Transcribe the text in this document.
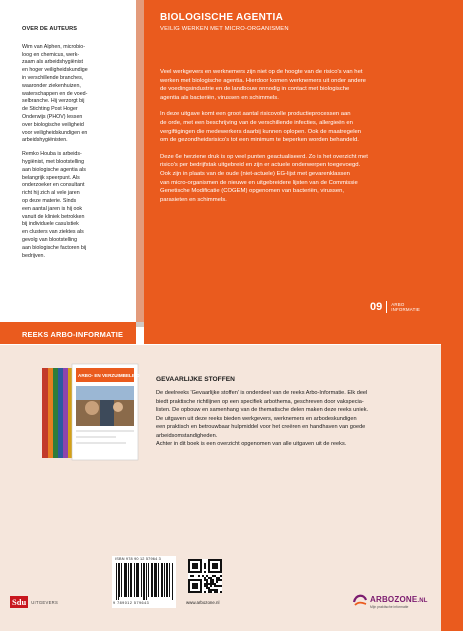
OVER DE AUTEURS

Wim van Alphen, microbio-
loog en chemicus, werk-
zaam als arbeidshygiënist
en hoger veiligheidskundige
in verschillende branches,
waaronder ziekenhuizen,
waterschappen en de voed-
selbranche. Hij verzorgt bij
de Stichting Post Hoger
Onderwijs (PHOV) lessen
over biologische veiligheid
voor veiligheidskundigen en
arbeidshygiënisten.

Remko Houba is arbeids-
hygiënist, met blootstelling
aan biologische agentia als
belangrijk speerpunt. Als
onderzoeker en consultant
richt hij zich al vele jaren
op deze materie. Sinds
een aantal jaren is hij ook
vanuit de kliniek betrokken
bij individuele casuïstiek
en clusters van ziektes als
gevolg van blootstelling
aan biologische factoren bij
bedrijven.

BIOLOGISCHE AGENTIA
VEILIG WERKEN MET MICRO-ORGANISMEN

Veel werkgevers en werknemers zijn niet op de hoogte van de risico's van het
werken met biologische agentia. Hierdoor komen werknemers uit onder andere
de voedingsindustrie en de landbouw onnodig in contact met biologische
agentia als bacteriën, virussen en schimmels.

In deze uitgave komt een groot aantal risicovolle productieprocessen aan
de orde, met een beschrijving van de verschillende infecties, allergieën en
vergiftigingen die medewerkers daarbij kunnen oplopen. Ook de maatregelen
om de gezondheidsrisico's tot een minimum te beperken worden behandeld.

Deze 6e herziene druk is op veel punten geactualiseerd. Zo is het overzicht met
risico's per bedrijfstak uitgebreid en zijn er actuele onderwerpen toegevoegd.
Ook zijn in plaats van de oude (niet-actuele) EG-lijst met gevarenklassen
van micro-organismen de nieuwe en uitgebreidere lijsten van de Commissie
Genetische Modificatie (COGEM) opgenomen van bacteriën, virussen,
parasieten en schimmels.

09	ARBO
INFORMATIE
REEKS ARBO-INFORMATIE
ARBO- EN VERZUIMBELEID
GEVAARLIJKE STOFFEN

De deelreeks 'Gevaarlijke stoffen' is onderdeel van de reeks Arbo-Informatie. Elk deel

biedt praktische richtlijnen op een specifiek arbothema, geschreven door vakspecia-

listen. De opbouw en samenhang van de thematische delen maken deze reeks uniek.

De uitgaven uit deze reeks bieden werkgevers, werknemers en arbodeskundigen

een praktisch en betrouwbaar hulpmiddel voor het creëren en handhaven van goede

arbeidsomstandigheden.

Achter in dit boek is een overzicht opgenomen van alle uitgaven uit de reeks.

ISBN 978 90 12 57964 3
9 789012 579643	www.arbozone.nl
Sdu	UITGEVERS	ARBOZONE.NL
Mijn praktische informatie
